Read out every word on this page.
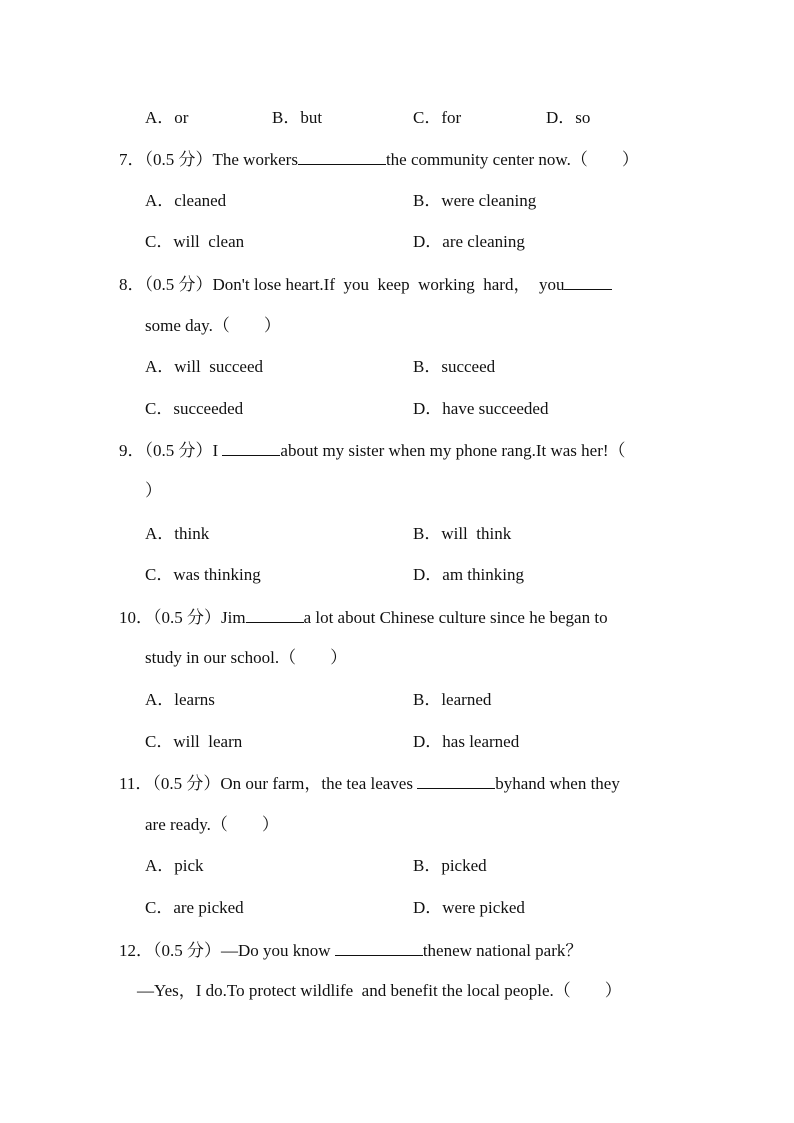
A．or	B．but	C．for	D．so
7．（0.5 分）The workers	the community center now.（　　）
A．cleaned	B．were cleaning
C．will  clean	D．are cleaning
8．（0.5 分）Don't lose heart.If  you  keep  working  hard，  you
some day.（　　）
A．will  succeed	B．succeed
C．succeeded	D．have succeeded
9．（0.5 分）I	about my sister when my phone rang.It was her!（
）
A．think	B．will  think
C．was thinking	D．am thinking
10．（0.5 分）Jim	a lot about Chinese culture since he began to
study in our school.（　　）
A．learns	B．learned
C．will  learn	D．has learned
11．（0.5 分）On our farm，the tea leaves	byhand when they
are ready.（　　）
A．pick	B．picked
C．are picked	D．were picked
12．（0.5 分）—Do you know	thenew national park？
—Yes，I do.To protect wildlife  and benefit the local people.（　　）
